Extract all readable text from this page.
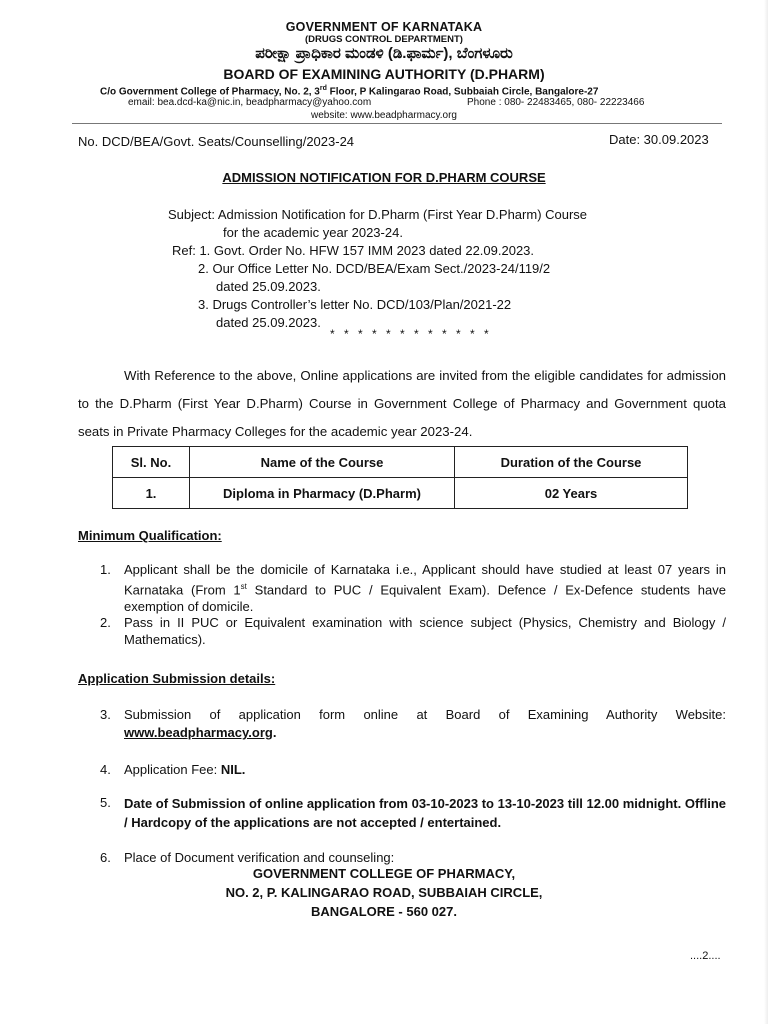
GOVERNMENT OF KARNATAKA
(DRUGS CONTROL DEPARTMENT)
ಪರೀಕ್ಷಾ ಪ್ರಾಧಿಕಾರ ಮಂಡಳಿ (ಡಿ.ಫಾರ್ಮ), ಬೆಂಗಳೂರು
BOARD OF EXAMINING AUTHORITY (D.PHARM)
C/o Government College of Pharmacy, No. 2, 3rd Floor, P Kalingarao Road, Subbaiah Circle, Bangalore-27
email: bea.dcd-ka@nic.in, beadpharmacy@yahoo.com	Phone : 080- 22483465, 080- 22223466
website: www.beadpharmacy.org
No. DCD/BEA/Govt. Seats/Counselling/2023-24	Date: 30.09.2023
ADMISSION NOTIFICATION FOR D.PHARM COURSE
Subject: Admission Notification for D.Pharm (First Year D.Pharm) Course
for the academic year 2023-24.
Ref: 1. Govt. Order No. HFW 157 IMM 2023 dated 22.09.2023.
2. Our Office Letter No. DCD/BEA/Exam Sect./2023-24/119/2
dated 25.09.2023.
3. Drugs Controller’s letter No. DCD/103/Plan/2021-22
dated 25.09.2023.
* * * * * * * * * * * *
With Reference to the above, Online applications are invited from the eligible candidates for admission to the D.Pharm (First Year D.Pharm) Course in Government College of Pharmacy and Government quota seats in Private Pharmacy Colleges for the academic year 2023-24.
Sl. No.	Name of the Course	Duration of the Course
1.	Diploma in Pharmacy (D.Pharm)	02 Years
Minimum Qualification:
1. Applicant shall be the domicile of Karnataka i.e., Applicant should have studied at least 07 years in Karnataka (From 1st Standard to PUC / Equivalent Exam). Defence / Ex-Defence students have exemption of domicile.
2. Pass in II PUC or Equivalent examination with science subject (Physics, Chemistry and Biology / Mathematics).
Application Submission details:
3. Submission of application form online at Board of Examining Authority Website:
www.beadpharmacy.org.
4. Application Fee: NIL.
5. Date of Submission of online application from 03-10-2023 to 13-10-2023 till 12.00 midnight. Offline / Hardcopy of the applications are not accepted / entertained.
6. Place of Document verification and counseling:
GOVERNMENT COLLEGE OF PHARMACY,
NO. 2, P. KALINGARAO ROAD, SUBBAIAH CIRCLE,
BANGALORE - 560 027.
....2....
